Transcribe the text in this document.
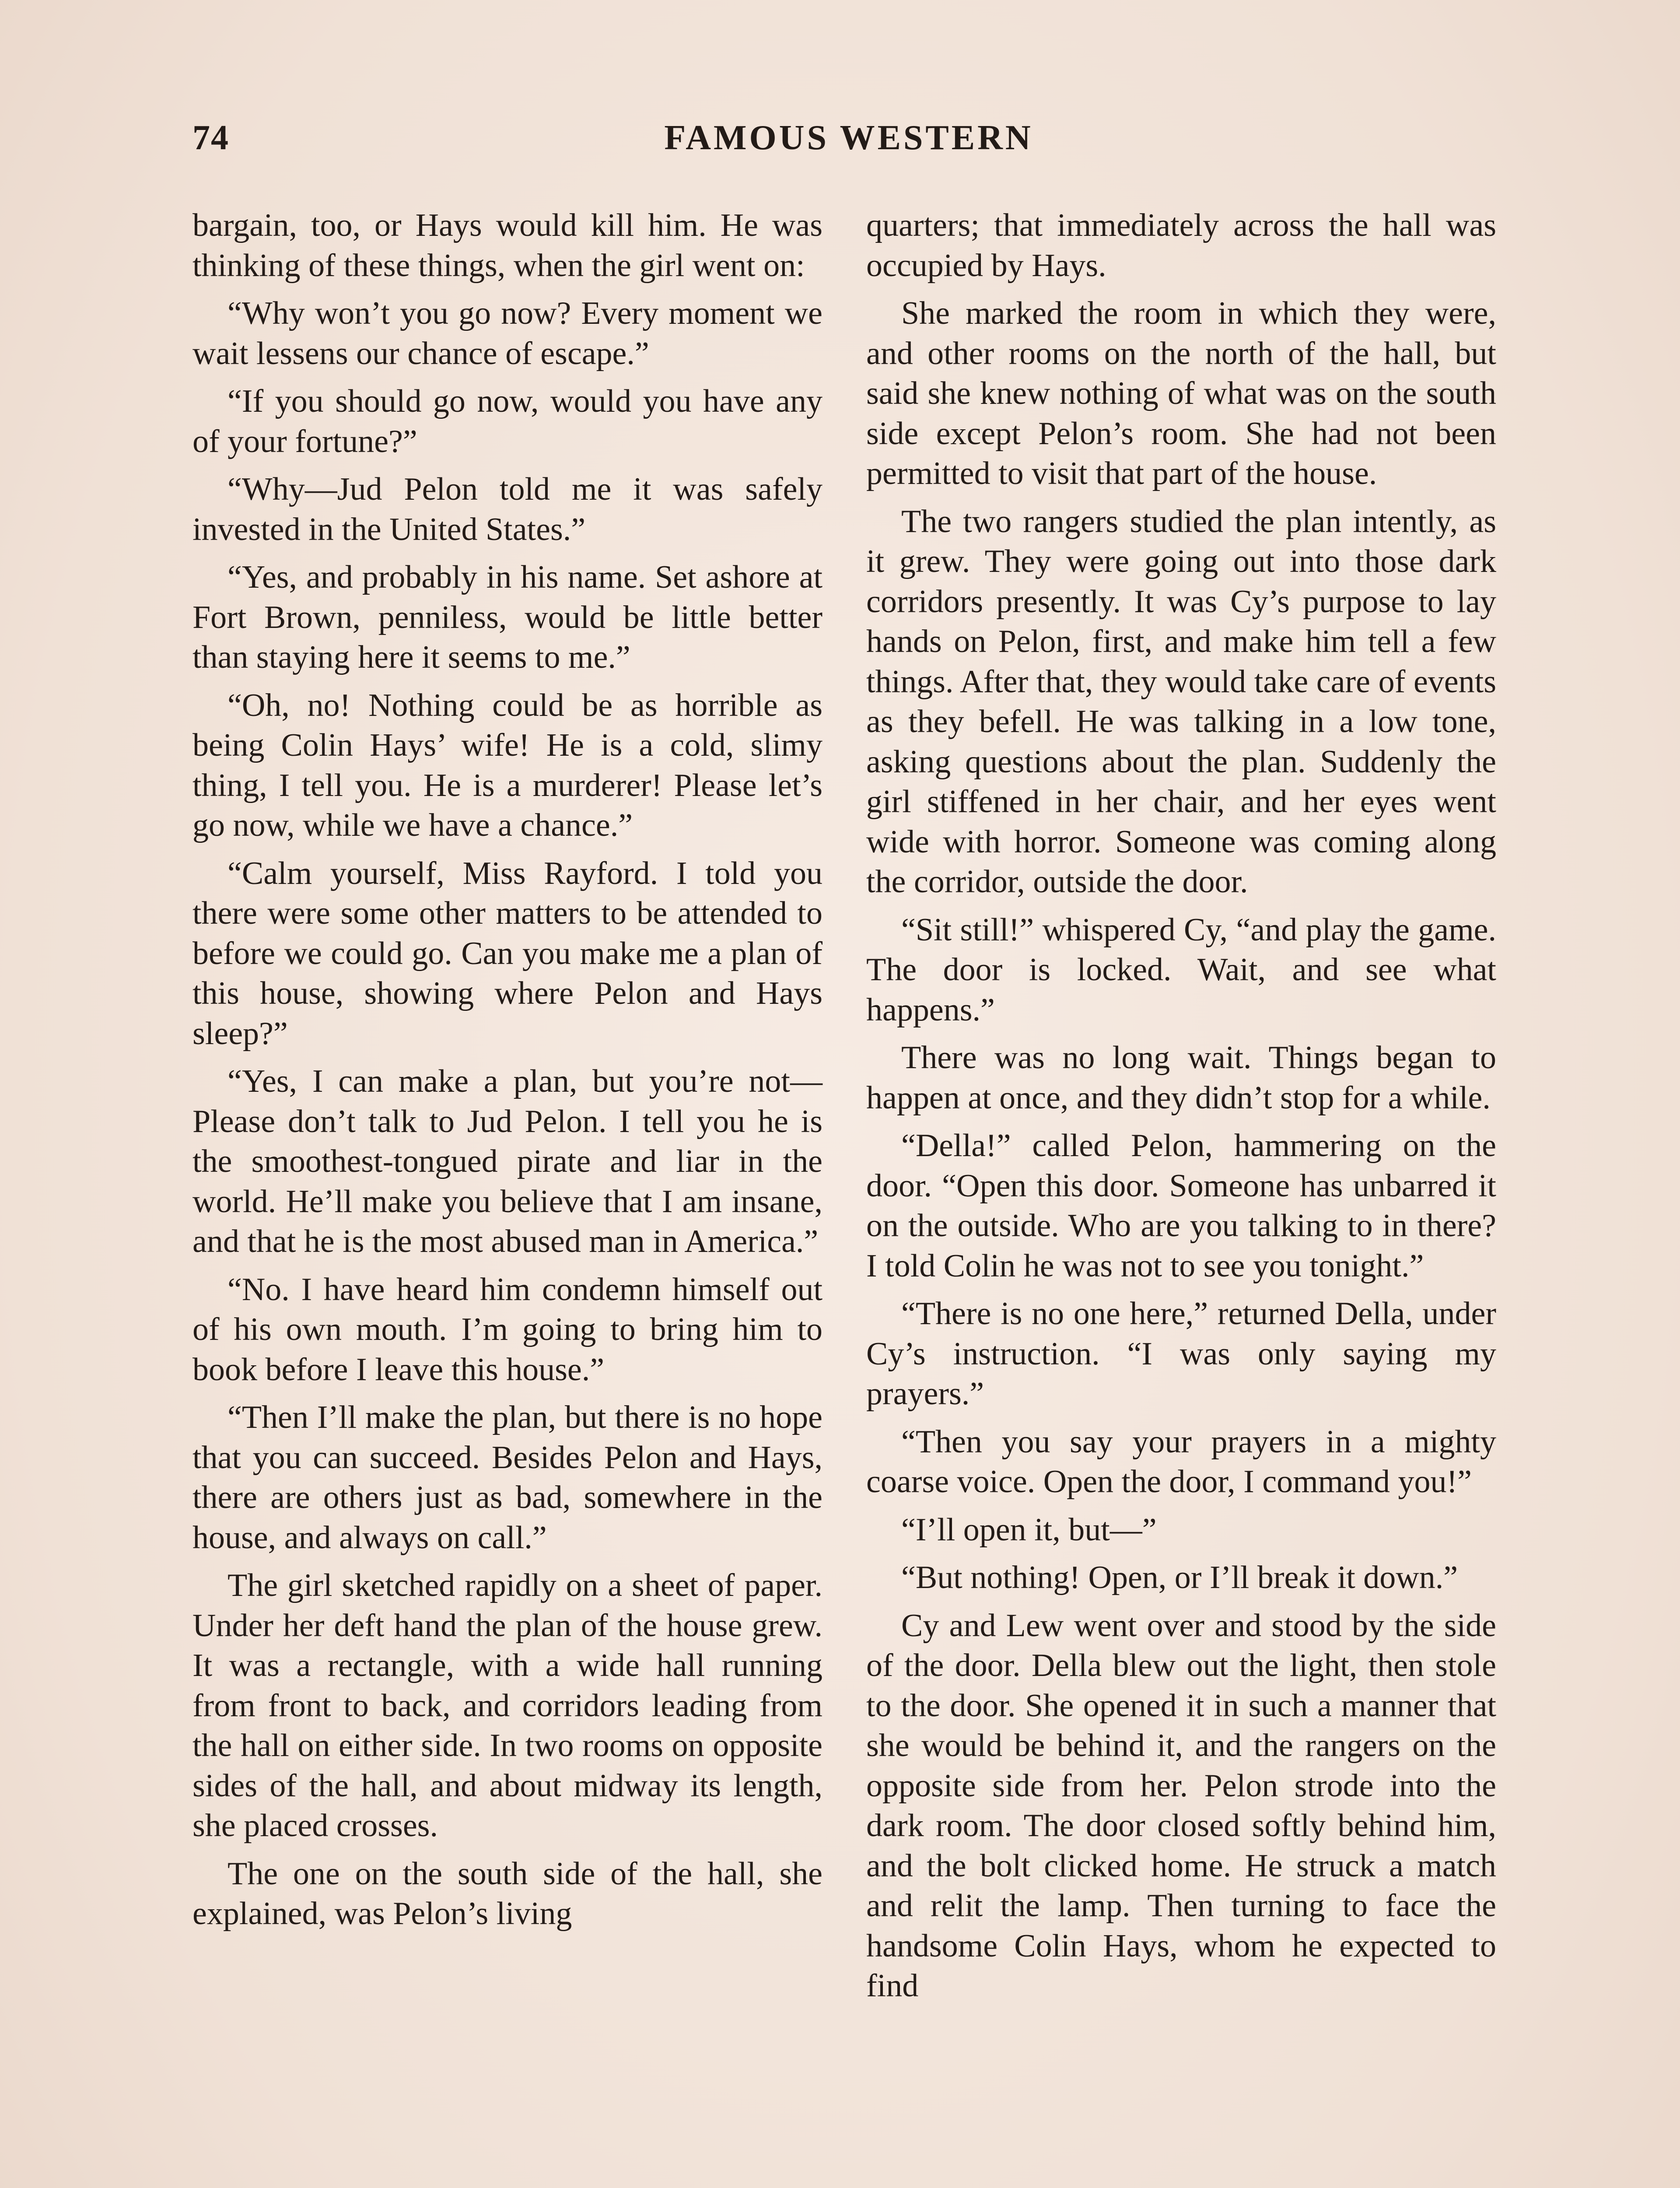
74	FAMOUS WESTERN

bargain, too, or Hays would kill him. He was thinking of these things, when the girl went on:

“Why won’t you go now? Every moment we wait lessens our chance of escape.”

“If you should go now, would you have any of your fortune?”

“Why—Jud Pelon told me it was safely invested in the United States.”

“Yes, and probably in his name. Set ashore at Fort Brown, penniless, would be little better than staying here it seems to me.”

“Oh, no! Nothing could be as horrible as being Colin Hays’ wife! He is a cold, slimy thing, I tell you. He is a murderer! Please let’s go now, while we have a chance.”

“Calm yourself, Miss Rayford. I told you there were some other matters to be attended to before we could go. Can you make me a plan of this house, showing where Pelon and Hays sleep?”

“Yes, I can make a plan, but you’re not— Please don’t talk to Jud Pelon. I tell you he is the smoothest-tongued pirate and liar in the world. He’ll make you believe that I am insane, and that he is the most abused man in America.”

“No. I have heard him condemn himself out of his own mouth. I’m going to bring him to book before I leave this house.”

“Then I’ll make the plan, but there is no hope that you can succeed. Besides Pelon and Hays, there are others just as bad, somewhere in the house, and always on call.”

The girl sketched rapidly on a sheet of paper. Under her deft hand the plan of the house grew. It was a rectangle, with a wide hall running from front to back, and corridors leading from the hall on either side. In two rooms on opposite sides of the hall, and about midway its length, she placed crosses.

The one on the south side of the hall, she explained, was Pelon’s living

quarters; that immediately across the hall was occupied by Hays.

She marked the room in which they were, and other rooms on the north of the hall, but said she knew nothing of what was on the south side except Pelon’s room. She had not been permitted to visit that part of the house.

The two rangers studied the plan intently, as it grew. They were going out into those dark corridors presently. It was Cy’s purpose to lay hands on Pelon, first, and make him tell a few things. After that, they would take care of events as they befell. He was talking in a low tone, asking questions about the plan. Suddenly the girl stiffened in her chair, and her eyes went wide with horror. Someone was coming along the corridor, outside the door.

“Sit still!” whispered Cy, “and play the game. The door is locked. Wait, and see what happens.”

There was no long wait. Things began to happen at once, and they didn’t stop for a while.

“Della!” called Pelon, hammering on the door. “Open this door. Someone has unbarred it on the outside. Who are you talking to in there? I told Colin he was not to see you tonight.”

“There is no one here,” returned Della, under Cy’s instruction. “I was only saying my prayers.”

“Then you say your prayers in a mighty coarse voice. Open the door, I command you!”

“I’ll open it, but—”

“But nothing! Open, or I’ll break it down.”

Cy and Lew went over and stood by the side of the door. Della blew out the light, then stole to the door. She opened it in such a manner that she would be behind it, and the rangers on the opposite side from her. Pelon strode into the dark room. The door closed softly behind him, and the bolt clicked home. He struck a match and relit the lamp. Then turning to face the handsome Colin Hays, whom he expected to find
